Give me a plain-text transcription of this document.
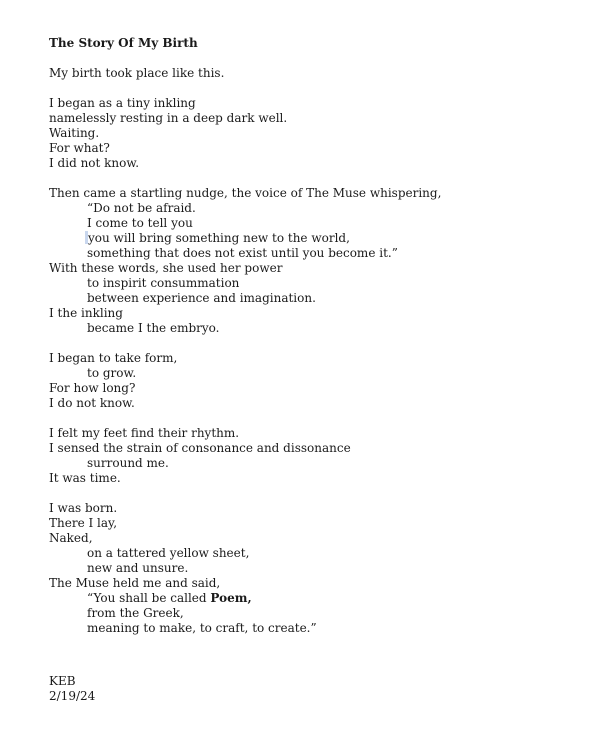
The Story Of My Birth
My birth took place like this.
I began as a tiny inkling
namelessly resting in a deep dark well.
Waiting.
For what?
I did not know.
Then came a startling nudge, the voice of The Muse whispering,
“Do not be afraid.
I come to tell you
you will bring something new to the world,
something that does not exist until you become it.”
With these words, she used her power
to inspirit consummation
between experience and imagination.
I the inkling
became I the embryo.
I began to take form,
to grow.
For how long?
I do not know.
I felt my feet find their rhythm.
I sensed the strain of consonance and dissonance
surround me.
It was time.
I was born.
There I lay,
Naked,
on a tattered yellow sheet,
new and unsure.
The Muse held me and said,
“You shall be called Poem,
from the Greek,
meaning to make, to craft, to create.”
KEB
2/19/24
